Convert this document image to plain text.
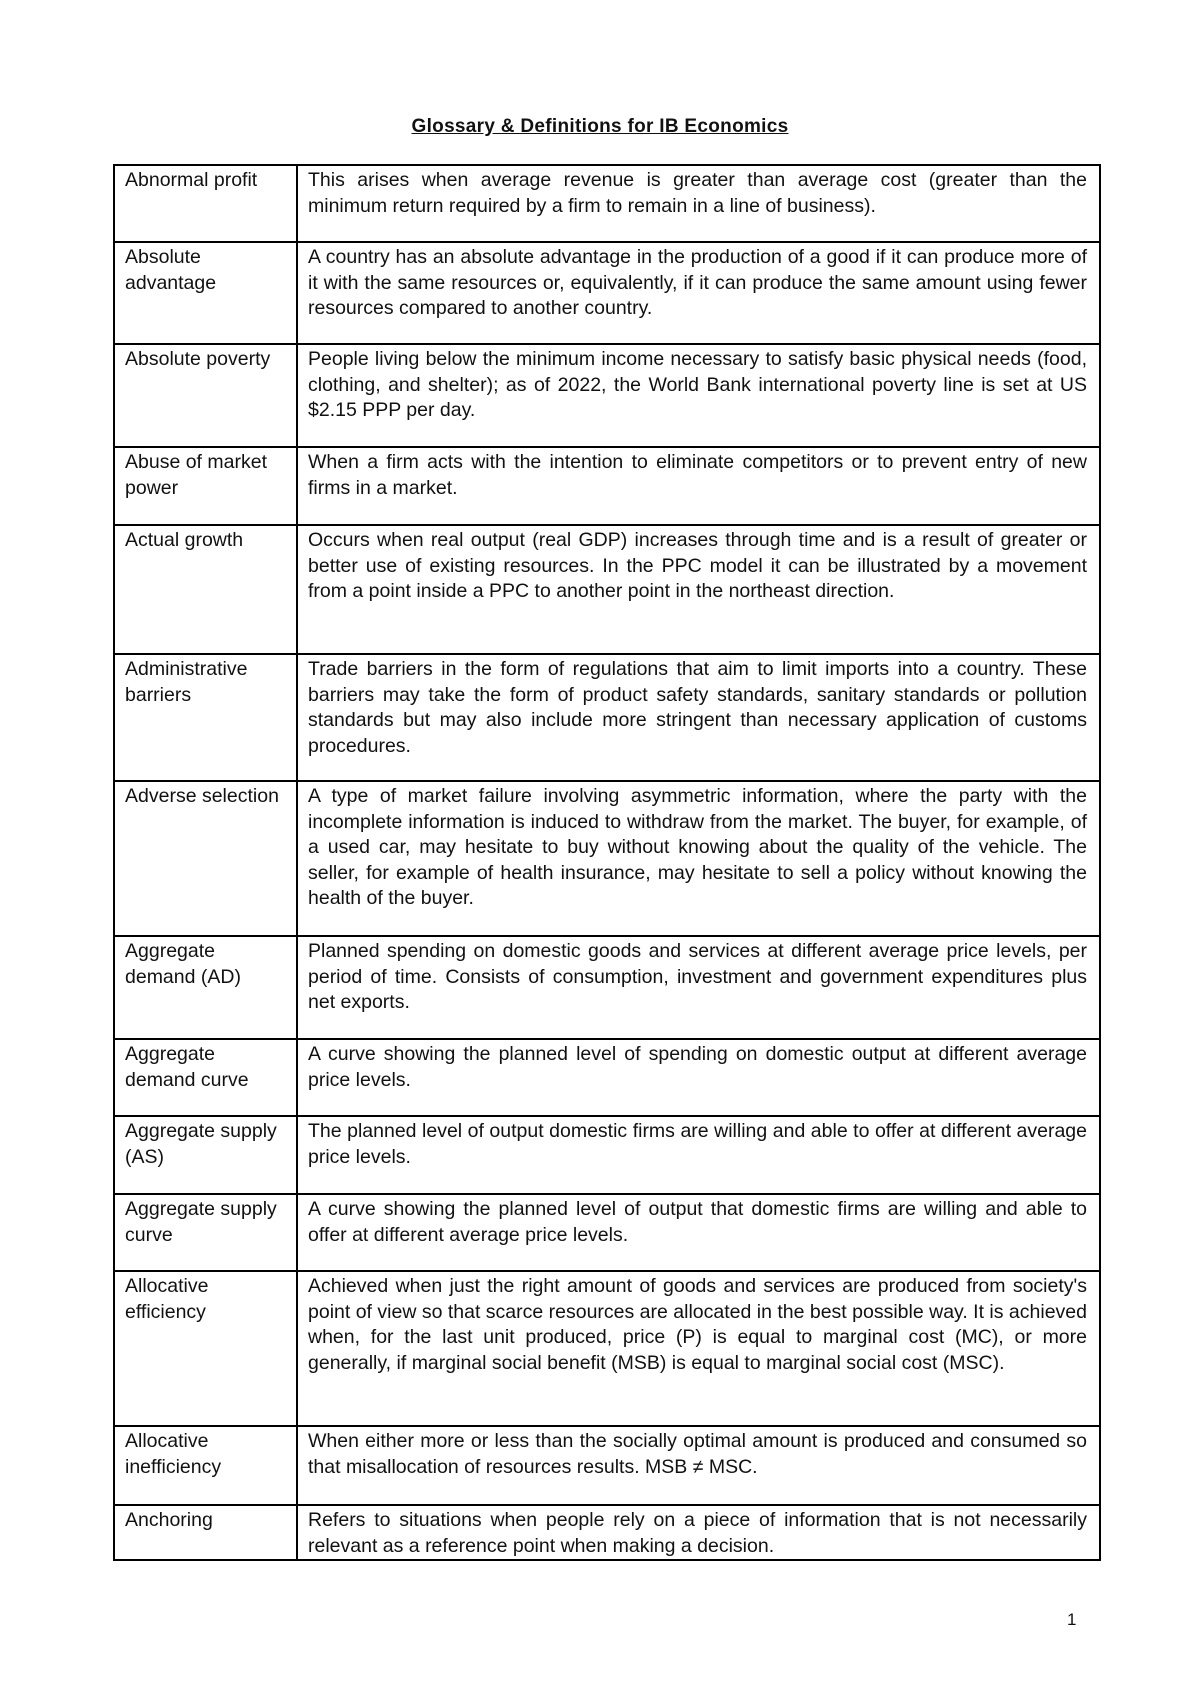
Glossary & Definitions for IB Economics
Abnormal profit	This arises when average revenue is greater than average cost (greater than the minimum return required by a firm to remain in a line of business).
Absolute advantage	A country has an absolute advantage in the production of a good if it can produce more of it with the same resources or, equivalently, if it can produce the same amount using fewer resources compared to another country.
Absolute poverty	People living below the minimum income necessary to satisfy basic physical needs (food, clothing, and shelter); as of 2022, the World Bank international poverty line is set at US $2.15 PPP per day.
Abuse of market power	When a firm acts with the intention to eliminate competitors or to prevent entry of new firms in a market.
Actual growth	Occurs when real output (real GDP) increases through time and is a result of greater or better use of existing resources. In the PPC model it can be illustrated by a movement from a point inside a PPC to another point in the northeast direction.
Administrative barriers	Trade barriers in the form of regulations that aim to limit imports into a country. These barriers may take the form of product safety standards, sanitary standards or pollution standards but may also include more stringent than necessary application of customs procedures.
Adverse selection	A type of market failure involving asymmetric information, where the party with the incomplete information is induced to withdraw from the market. The buyer, for example, of a used car, may hesitate to buy without knowing about the quality of the vehicle. The seller, for example of health insurance, may hesitate to sell a policy without knowing the health of the buyer.
Aggregate demand (AD)	Planned spending on domestic goods and services at different average price levels, per period of time. Consists of consumption, investment and government expenditures plus net exports.
Aggregate demand curve	A curve showing the planned level of spending on domestic output at different average price levels.
Aggregate supply (AS)	The planned level of output domestic firms are willing and able to offer at different average price levels.
Aggregate supply curve	A curve showing the planned level of output that domestic firms are willing and able to offer at different average price levels.
Allocative efficiency	Achieved when just the right amount of goods and services are produced from society's point of view so that scarce resources are allocated in the best possible way. It is achieved when, for the last unit produced, price (P) is equal to marginal cost (MC), or more generally, if marginal social benefit (MSB) is equal to marginal social cost (MSC).
Allocative inefficiency	When either more or less than the socially optimal amount is produced and consumed so that misallocation of resources results. MSB ≠ MSC.
Anchoring	Refers to situations when people rely on a piece of information that is not necessarily relevant as a reference point when making a decision.
1
